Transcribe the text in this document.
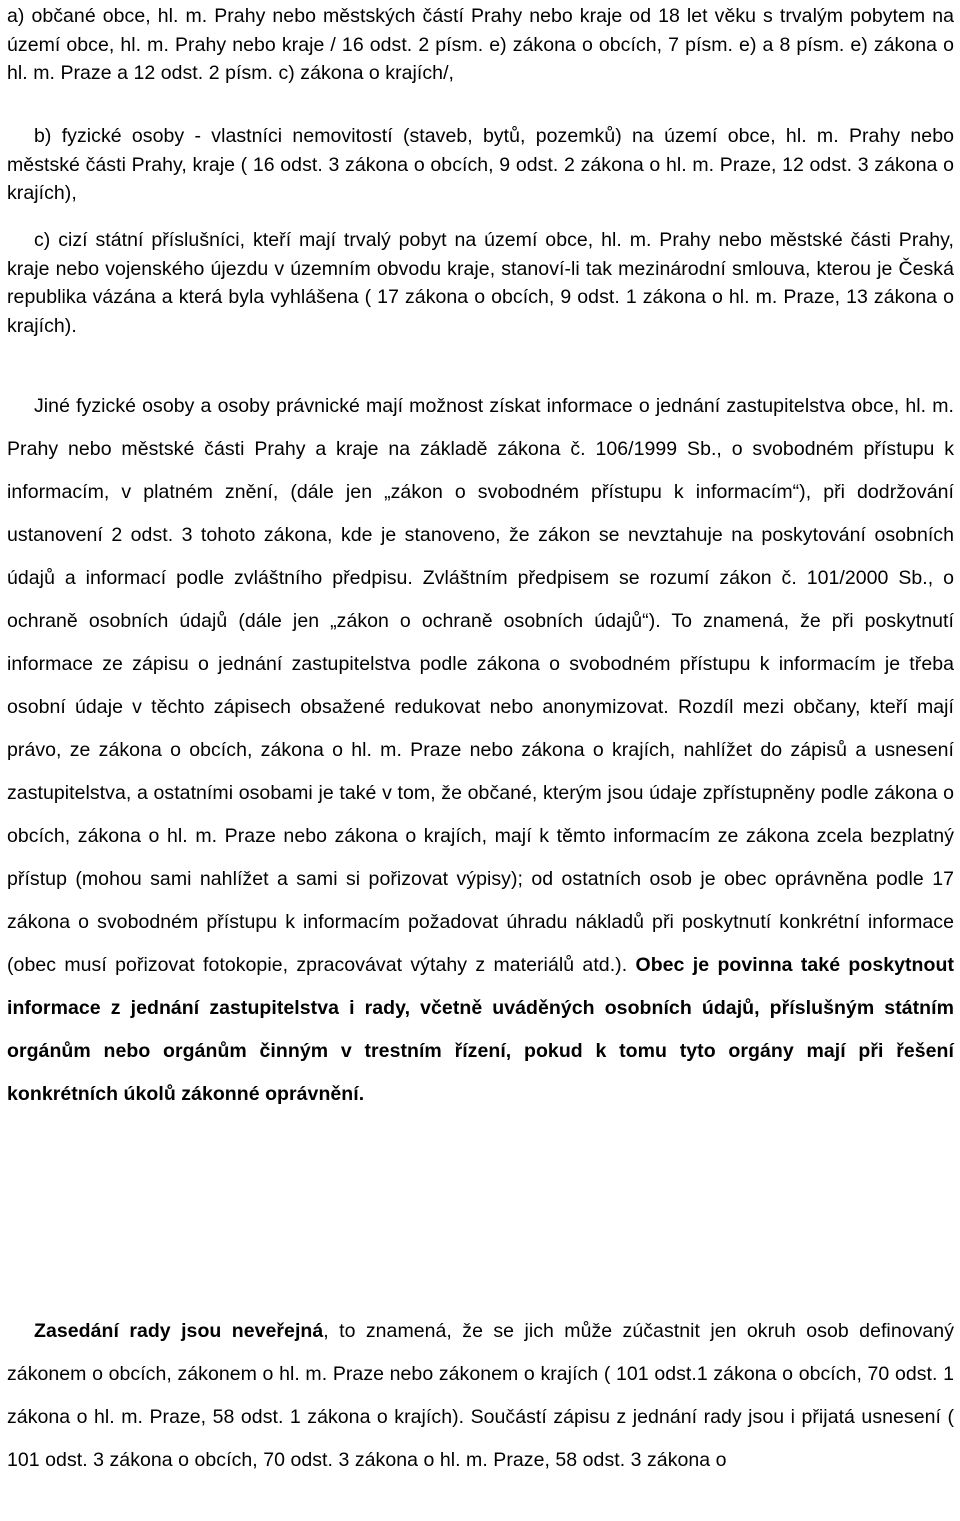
a) občané obce, hl. m. Prahy nebo městských částí Prahy nebo kraje od 18 let věku s trvalým pobytem na území obce, hl. m. Prahy nebo kraje / 16 odst. 2 písm. e) zákona o obcích, 7 písm. e) a 8 písm. e) zákona o hl. m. Praze a 12 odst. 2 písm. c) zákona o krajích/,

b) fyzické osoby - vlastníci nemovitostí (staveb, bytů, pozemků) na území obce, hl. m. Prahy nebo městské části Prahy, kraje ( 16 odst. 3 zákona o obcích, 9 odst. 2 zákona o hl. m. Praze, 12 odst. 3 zákona o krajích),

c) cizí státní příslušníci, kteří mají trvalý pobyt na území obce, hl. m. Prahy nebo městské části Prahy, kraje nebo vojenského újezdu v územním obvodu kraje, stanoví-li tak mezinárodní smlouva, kterou je Česká republika vázána a která byla vyhlášena ( 17 zákona o obcích, 9 odst. 1 zákona o hl. m. Praze, 13 zákona o krajích).

Jiné fyzické osoby a osoby právnické mají možnost získat informace o jednání zastupitelstva obce, hl. m. Prahy nebo městské části Prahy a kraje na základě zákona č. 106/1999 Sb., o svobodném přístupu k informacím, v platném znění, (dále jen „zákon o svobodném přístupu k informacím“), při dodržování ustanovení 2 odst. 3 tohoto zákona, kde je stanoveno, že zákon se nevztahuje na poskytování osobních údajů a informací podle zvláštního předpisu. Zvláštním předpisem se rozumí zákon č. 101/2000 Sb., o ochraně osobních údajů (dále jen „zákon o ochraně osobních údajů“). To znamená, že při poskytnutí informace ze zápisu o jednání zastupitelstva podle zákona o svobodném přístupu k informacím je třeba osobní údaje v těchto zápisech obsažené redukovat nebo anonymizovat. Rozdíl mezi občany, kteří mají právo, ze zákona o obcích, zákona o hl. m. Praze nebo zákona o krajích, nahlížet do zápisů a usnesení zastupitelstva, a ostatními osobami je také v tom, že občané, kterým jsou údaje zpřístupněny podle zákona o obcích, zákona o hl. m. Praze nebo zákona o krajích, mají k těmto informacím ze zákona zcela bezplatný přístup (mohou sami nahlížet a sami si pořizovat výpisy); od ostatních osob je obec oprávněna podle 17 zákona o svobodném přístupu k informacím požadovat úhradu nákladů při poskytnutí konkrétní informace (obec musí pořizovat fotokopie, zpracovávat výtahy z materiálů atd.). Obec je povinna také poskytnout informace z jednání zastupitelstva i rady, včetně uváděných osobních údajů, příslušným státním orgánům nebo orgánům činným v trestním řízení, pokud k tomu tyto orgány mají při řešení konkrétních úkolů zákonné oprávnění.

Zasedání rady jsou neveřejná, to znamená, že se jich může zúčastnit jen okruh osob definovaný zákonem o obcích, zákonem o hl. m. Praze nebo zákonem o krajích ( 101 odst.1 zákona o obcích, 70 odst. 1 zákona o hl. m. Praze, 58 odst. 1 zákona o krajích). Součástí zápisu z jednání rady jsou i přijatá usnesení ( 101 odst. 3 zákona o obcích, 70 odst. 3 zákona o hl. m. Praze, 58 odst. 3 zákona o
